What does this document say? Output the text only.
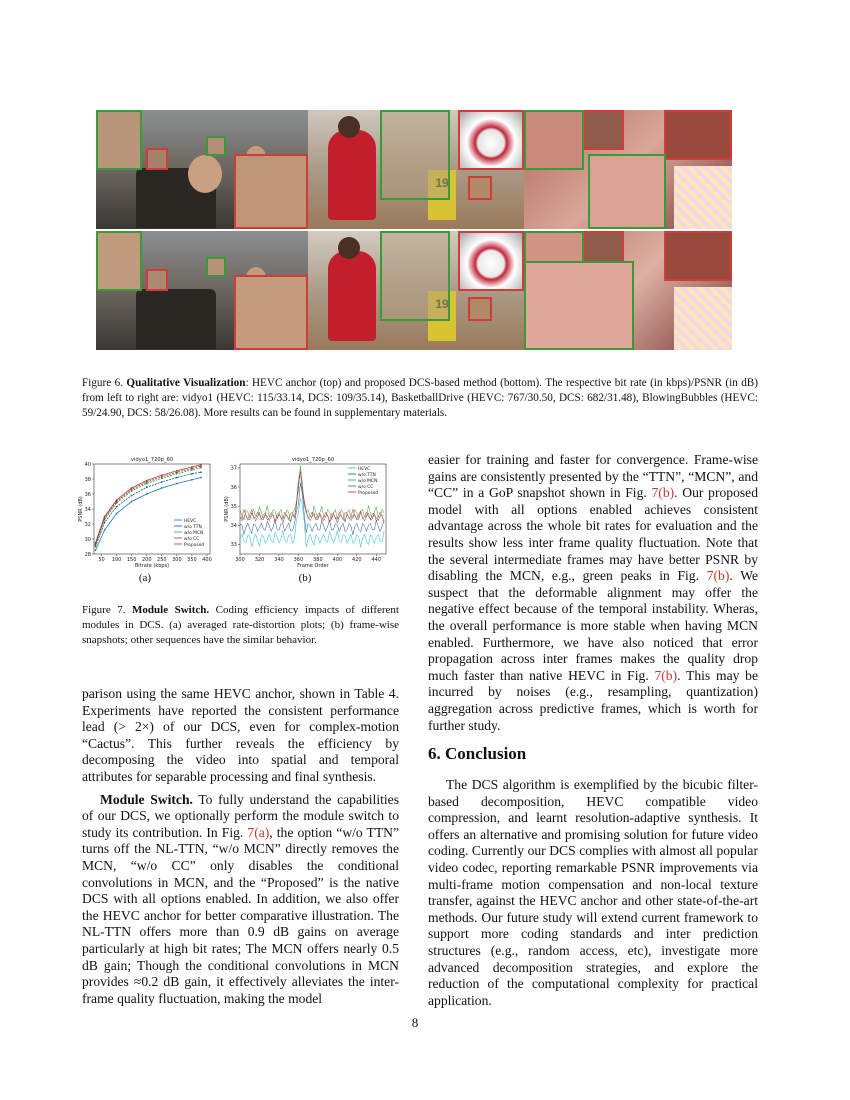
Figure 6. Qualitative Visualization: HEVC anchor (top) and proposed DCS-based method (bottom). The respective bit rate (in kbps)/PSNR (in dB) from left to right are: vidyo1 (HEVC: 115/33.14, DCS: 109/35.14), BasketballDrive (HEVC: 767/30.50, DCS: 682/31.48), BlowingBubbles (HEVC: 59/24.90, DCS: 58/26.08). More results can be found in supplementary materials.
vidyo1_720p_60
50 100 150 200 250 300 350 400
28
30
32
34
36
38
40
Bitrate (kbps)
PSNR (dB)	HEVC
w/o TTN
w/o MCN
w/o CC
Proposed
vidyo1_720p_60
300 320 340 360 380 400 420 440
33
34
35
36
37
Frame Order
PSNR (dB)
HEVC
w/o TTN
w/o MCN
w/o CC
Proposed
(a)	(b)
Figure 7. Module Switch. Coding efficiency impacts of different modules in DCS. (a) averaged rate-distortion plots; (b) frame-wise snapshots; other sequences have the similar behavior.

parison using the same HEVC anchor, shown in Table 4. Experiments have reported the consistent performance lead (> 2×) of our DCS, even for complex-motion “Cactus”. This further reveals the efficiency by decomposing the video into spatial and temporal attributes for separable processing and final synthesis.

Module Switch. To fully understand the capabilities of our DCS, we optionally perform the module switch to study its contribution. In Fig. 7(a), the option “w/o TTN” turns off the NL-TTN, “w/o MCN” directly removes the MCN, “w/o CC” only disables the conditional convolutions in MCN, and the “Proposed” is the native DCS with all options enabled. In addition, we also offer the HEVC anchor for better comparative illustration. The NL-TTN offers more than 0.9 dB gains on average particularly at high bit rates; The MCN offers nearly 0.5 dB gain; Though the conditional convolutions in MCN provides ≈0.2 dB gain, it effectively alleviates the inter-frame quality fluctuation, making the model

easier for training and faster for convergence. Frame-wise gains are consistently presented by the “TTN”, “MCN”, and “CC” in a GoP snapshot shown in Fig. 7(b). Our proposed model with all options enabled achieves consistent advantage across the whole bit rates for evaluation and the results show less inter frame quality fluctuation. Note that the several intermediate frames may have better PSNR by disabling the MCN, e.g., green peaks in Fig. 7(b). We suspect that the deformable alignment may offer the negative effect because of the temporal instability. Wheras, the overall performance is more stable when having MCN enabled. Furthermore, we have also noticed that error propagation across inter frames makes the quality drop much faster than native HEVC in Fig. 7(b). This may be incurred by noises (e.g., resampling, quantization) aggregation across predictive frames, which is worth for further study.

6. Conclusion

The DCS algorithm is exemplified by the bicubic filter-based decomposition, HEVC compatible video compression, and learnt resolution-adaptive synthesis. It offers an alternative and promising solution for future video coding. Currently our DCS complies with almost all popular video codec, reporting remarkable PSNR improvements via multi-frame motion compensation and non-local texture transfer, against the HEVC anchor and other state-of-the-art methods. Our future study will extend current framework to support more coding standards and inter prediction structures (e.g., random access, etc), investigate more advanced decomposition strategies, and explore the reduction of the computational complexity for practical application.

8
